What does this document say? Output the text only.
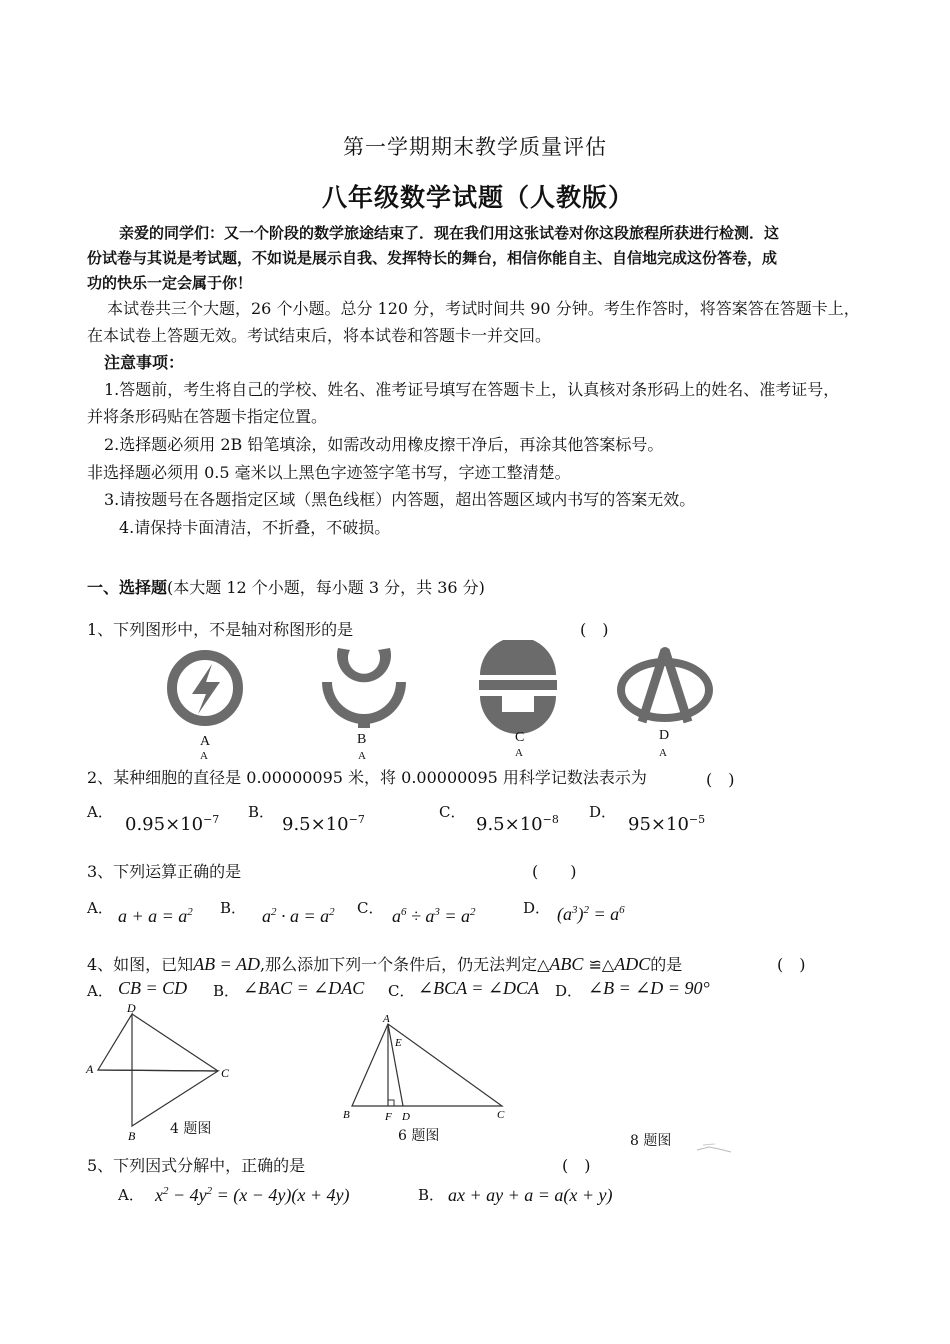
第一学期期末教学质量评估
八年级数学试题（人教版）
亲爱的同学们：又一个阶段的数学旅途结束了．现在我们用这张试卷对你这段旅程所获进行检测．这
份试卷与其说是考试题，不如说是展示自我、发挥特长的舞台，相信你能自主、自信地完成这份答卷，成
功的快乐一定会属于你！
本试卷共三个大题，26 个小题。总分 120 分，考试时间共 90 分钟。考生作答时，将答案答在答题卡上，
在本试卷上答题无效。考试结束后，将本试卷和答题卡一并交回。
注意事项：
1.答题前，考生将自己的学校、姓名、准考证号填写在答题卡上，认真核对条形码上的姓名、准考证号，
并将条形码贴在答题卡指定位置。
2.选择题必须用 2B 铅笔填涂，如需改动用橡皮擦干净后，再涂其他答案标号。
非选择题必须用 0.5 毫米以上黑色字迹签字笔书写，字迹工整清楚。
3.请按题号在各题指定区域（黑色线框）内答题，超出答题区域内书写的答案无效。
4.请保持卡面清洁，不折叠，不破损。
一、选择题(本大题 12 个小题，每小题 3 分，共 36 分)
1、下列图形中，不是轴对称图形的是	(　)
A	B	C	D
A	A	A	A
2、某种细胞的直径是 0.00000095 米，将 0.00000095 用科学记数法表示为	(　)
A．
$0.95\times 10^{-7}$ B．
$9.5\times 10^{-7}$	C．
$9.5\times 10^{-8}$ D．
$95\times 10^{-5}$
3、下列运算正确的是	(　　)
A． $a + a = a^2$ B． $a^2 \cdot a = a^2$ C． $a^6 \div a^3 = a^2$	D． $(a^3)^2 = a^6$
4、如图，已知AB = AD,那么添加下列一个条件后，仍无法判定△ABC ≌△ADC的是	(　)
A． CB = CD B． ∠BAC = ∠DAC C． ∠BCA = ∠DCA D． ∠B = ∠D = 90°
D
A	C
B 4 题图
A
E
B	F D	C
6 题图	8 题图
5、下列因式分解中，正确的是	(　)
A． $x^2 - 4y^2 = (x - 4y)(x + 4y)$	B． ax + ay + a = a(x + y)
